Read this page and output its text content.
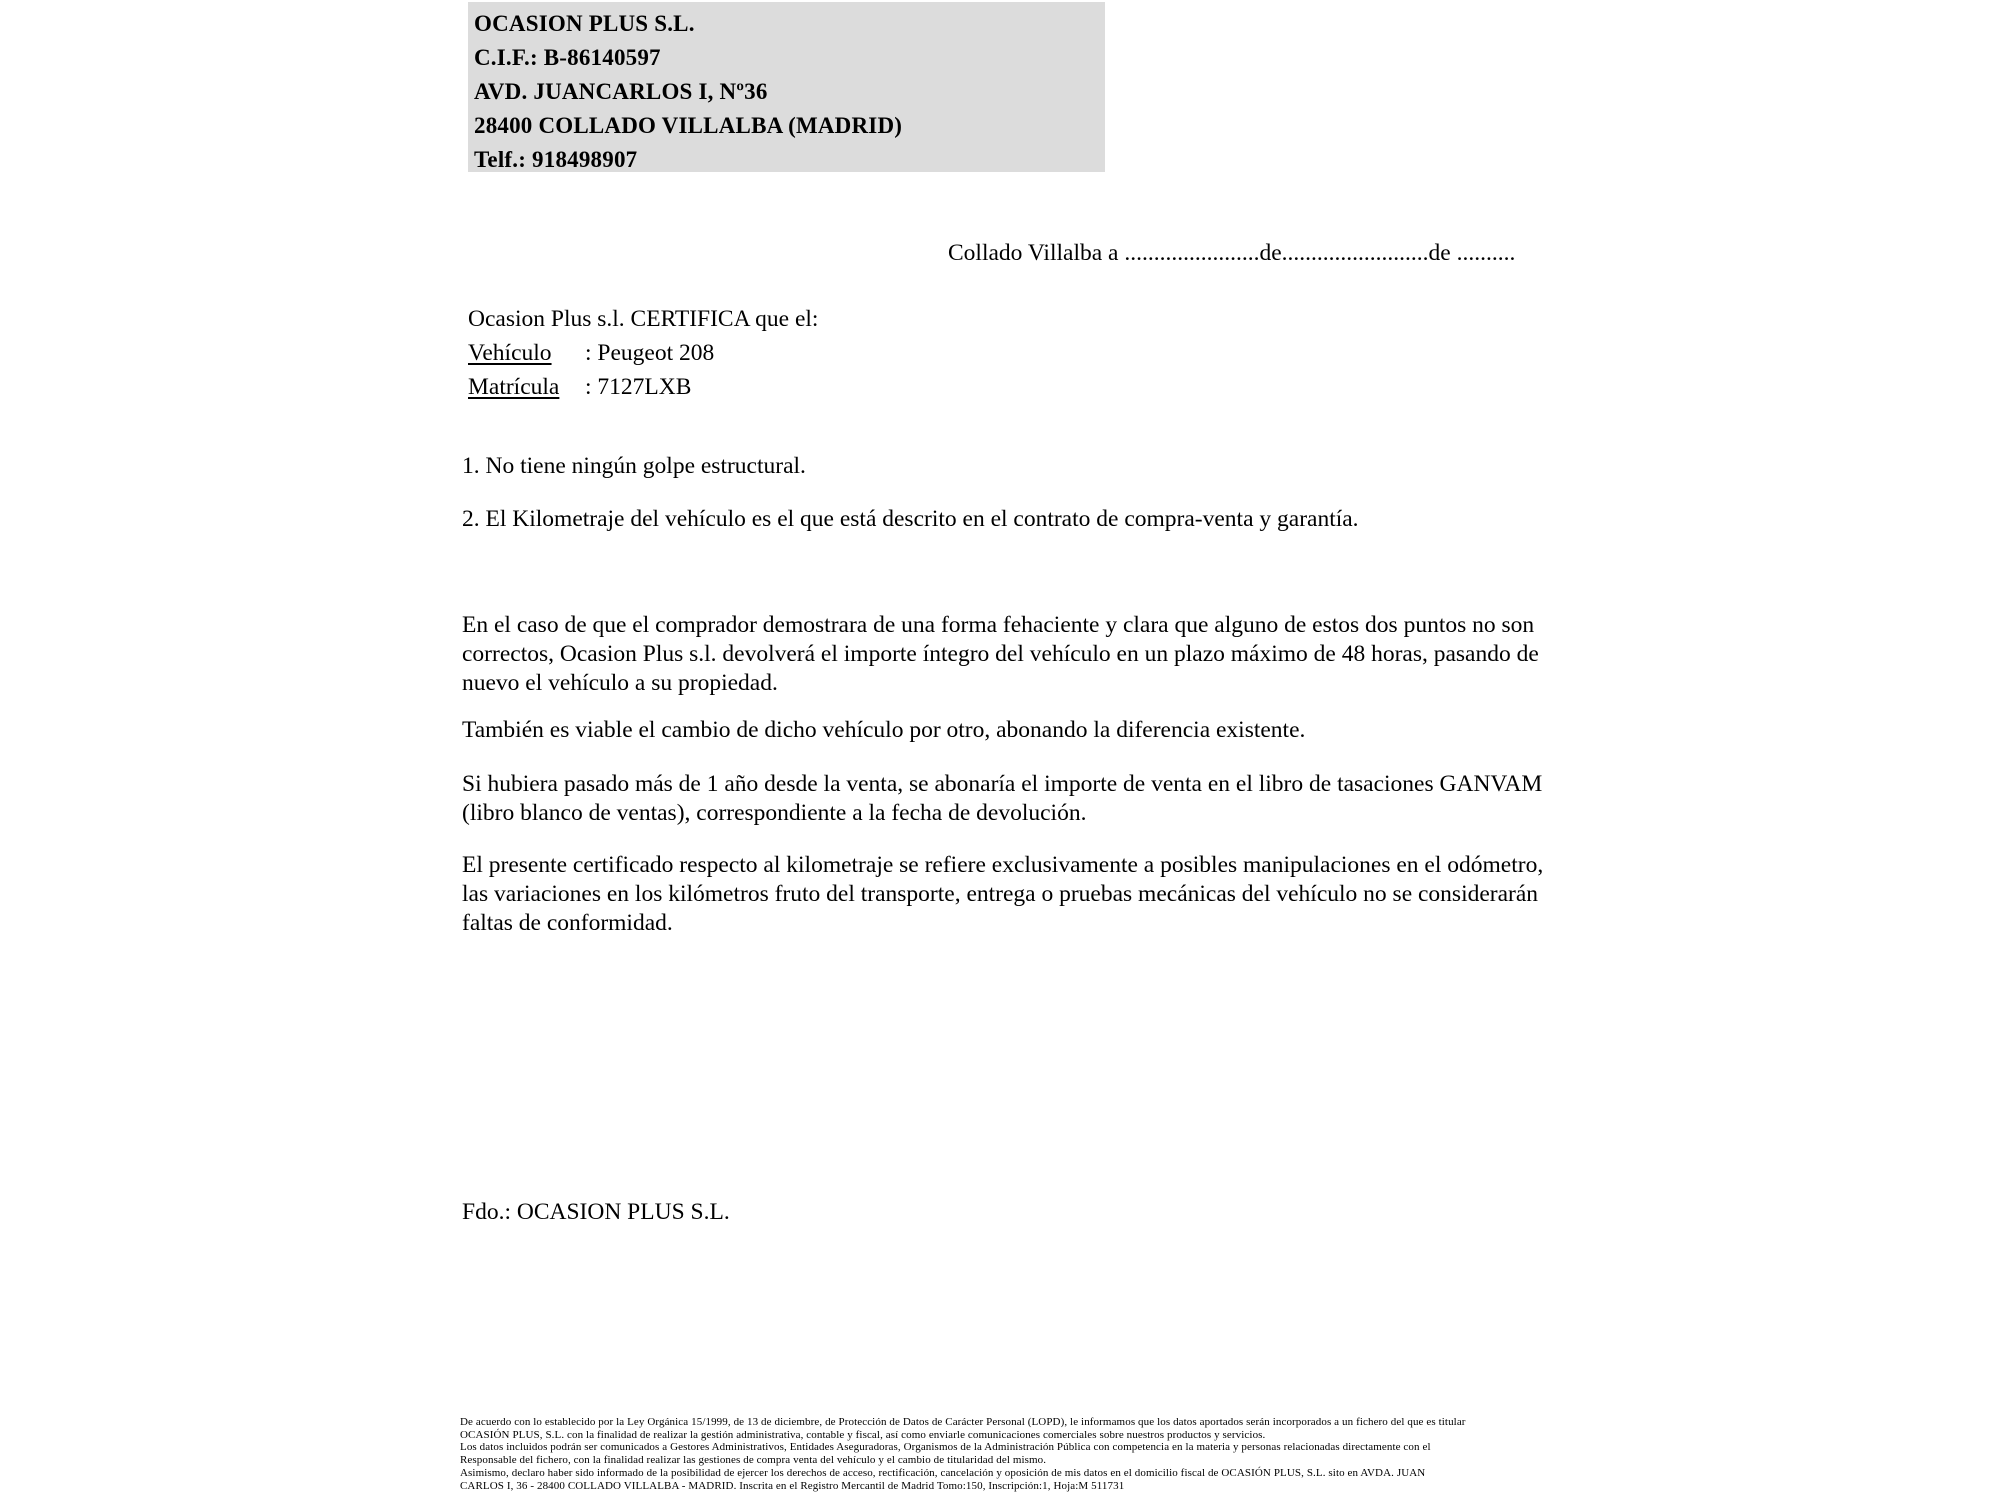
OCASION PLUS S.L.
C.I.F.: B-86140597
AVD. JUANCARLOS I, Nº36
28400 COLLADO VILLALBA (MADRID)
Telf.: 918498907
Collado Villalba a .......................de.........................de ..........
Ocasion Plus s.l. CERTIFICA que el:
Vehículo : Peugeot 208
Matrícula : 7127LXB

1. No tiene ningún golpe estructural.

2. El Kilometraje del vehículo es el que está descrito en el contrato de compra-venta y garantía.

En el caso de que el comprador demostrara de una forma fehaciente y clara que alguno de estos dos puntos no son correctos, Ocasion Plus s.l. devolverá el importe íntegro del vehículo en un plazo máximo de 48 horas, pasando de nuevo el vehículo a su propiedad.

También es viable el cambio de dicho vehículo por otro, abonando la diferencia existente.

Si hubiera pasado más de 1 año desde la venta, se abonaría el importe de venta en el libro de tasaciones GANVAM (libro blanco de ventas), correspondiente a la fecha de devolución.

El presente certificado respecto al kilometraje se refiere exclusivamente a posibles manipulaciones en el odómetro, las variaciones en los kilómetros fruto del transporte, entrega o pruebas mecánicas del vehículo no se considerarán faltas de conformidad.

Fdo.: OCASION PLUS S.L.
De acuerdo con lo establecido por la Ley Orgánica 15/1999, de 13 de diciembre, de Protección de Datos de Carácter Personal (LOPD), le informamos que los datos aportados serán incorporados a un fichero del que es titular
OCASIÓN PLUS, S.L. con la finalidad de realizar la gestión administrativa, contable y fiscal, así como enviarle comunicaciones comerciales sobre nuestros productos y servicios.
Los datos incluidos podrán ser comunicados a Gestores Administrativos, Entidades Aseguradoras, Organismos de la Administración Pública con competencia en la materia y personas relacionadas directamente con el
Responsable del fichero, con la finalidad realizar las gestiones de compra venta del vehículo y el cambio de titularidad del mismo.
Asimismo, declaro haber sido informado de la posibilidad de ejercer los derechos de acceso, rectificación, cancelación y oposición de mis datos en el domicilio fiscal de OCASIÓN PLUS, S.L. sito en AVDA. JUAN
CARLOS I, 36 - 28400 COLLADO VILLALBA - MADRID. Inscrita en el Registro Mercantil de Madrid Tomo:150, Inscripción:1, Hoja:M 511731
